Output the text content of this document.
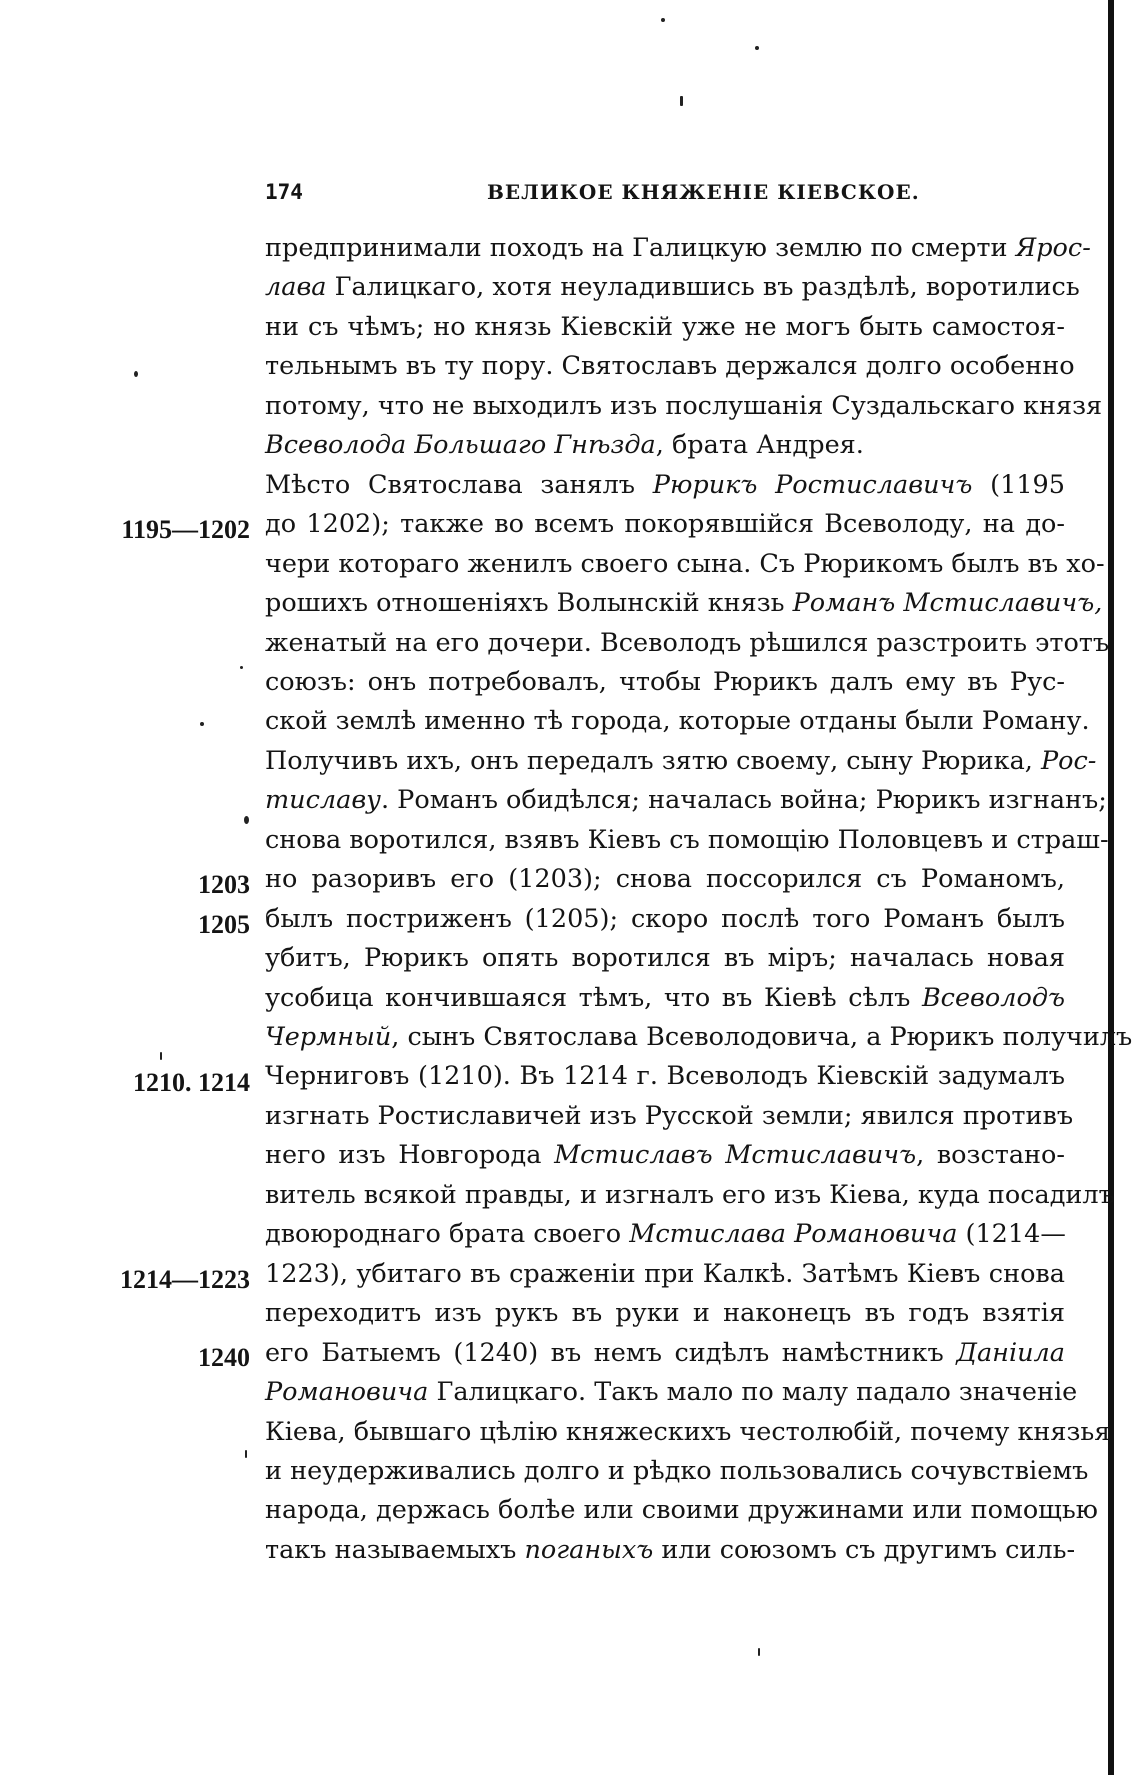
174	ВЕЛИКОЕ КНЯЖЕНІЕ КІЕВСКОЕ.
1195—1202
1203
1205
1210. 1214
1214—1223
1240
предпринимали походъ на Галицкую землю по смерти Ярос-
лава Галицкаго, хотя неуладившись въ раздѣлѣ, воротились
ни съ чѣмъ; но князь Кіевскій уже не могъ быть самостоя-
тельнымъ въ ту пору. Святославъ держался долго особенно
потому, что не выходилъ изъ послушанія Суздальскаго князя
Всеволода Большаго Гнѣзда, брата Андрея.
Мѣсто Святослава занялъ Рюрикъ Ростиславичъ (1195
до 1202); также во всемъ покорявшійся Всеволоду, на до-
чери котораго женилъ своего сына. Съ Рюрикомъ былъ въ хо-
рошихъ отношеніяхъ Волынскій князь Романъ Мстиславичъ,
женатый на его дочери. Всеволодъ рѣшился разстроить этотъ
союзъ: онъ потребовалъ, чтобы Рюрикъ далъ ему въ Рус-
ской землѣ именно тѣ города, которые отданы были Роману.
Получивъ ихъ, онъ передалъ зятю своему, сыну Рюрика, Рос-
тиславу. Романъ обидѣлся; началась война; Рюрикъ изгнанъ;
снова воротился, взявъ Кіевъ съ помощію Половцевъ и страш-
но разоривъ его (1203); снова поссорился съ Романомъ,
былъ постриженъ (1205); скоро послѣ того Романъ былъ
убитъ, Рюрикъ опять воротился въ міръ; началась новая
усобица кончившаяся тѣмъ, что въ Кіевѣ сѣлъ Всеволодъ
Чермный, сынъ Святослава Всеволодовича, а Рюрикъ получилъ
Черниговъ (1210). Въ 1214 г. Всеволодъ Кіевскій задумалъ
изгнать Ростиславичей изъ Русской земли; явился противъ
него изъ Новгорода Мстиславъ Мстиславичъ, возстано-
витель всякой правды, и изгналъ его изъ Кіева, куда посадилъ
двоюроднаго брата своего Мстислава Романовича (1214—
1223), убитаго въ сраженіи при Калкѣ. Затѣмъ Кіевъ снова
переходитъ изъ рукъ въ руки и наконецъ въ годъ взятія
его Батыемъ (1240) въ немъ сидѣлъ намѣстникъ Данiила
Романовича Галицкаго. Такъ мало по малу падало значеніе
Кіева, бывшаго цѣлію княжескихъ честолюбій, почему князья
и неудерживались долго и рѣдко пользовались сочувствіемъ
народа, держась болѣе или своими дружинами или помощью
такъ называемыхъ поганыхъ или союзомъ съ другимъ силь-
